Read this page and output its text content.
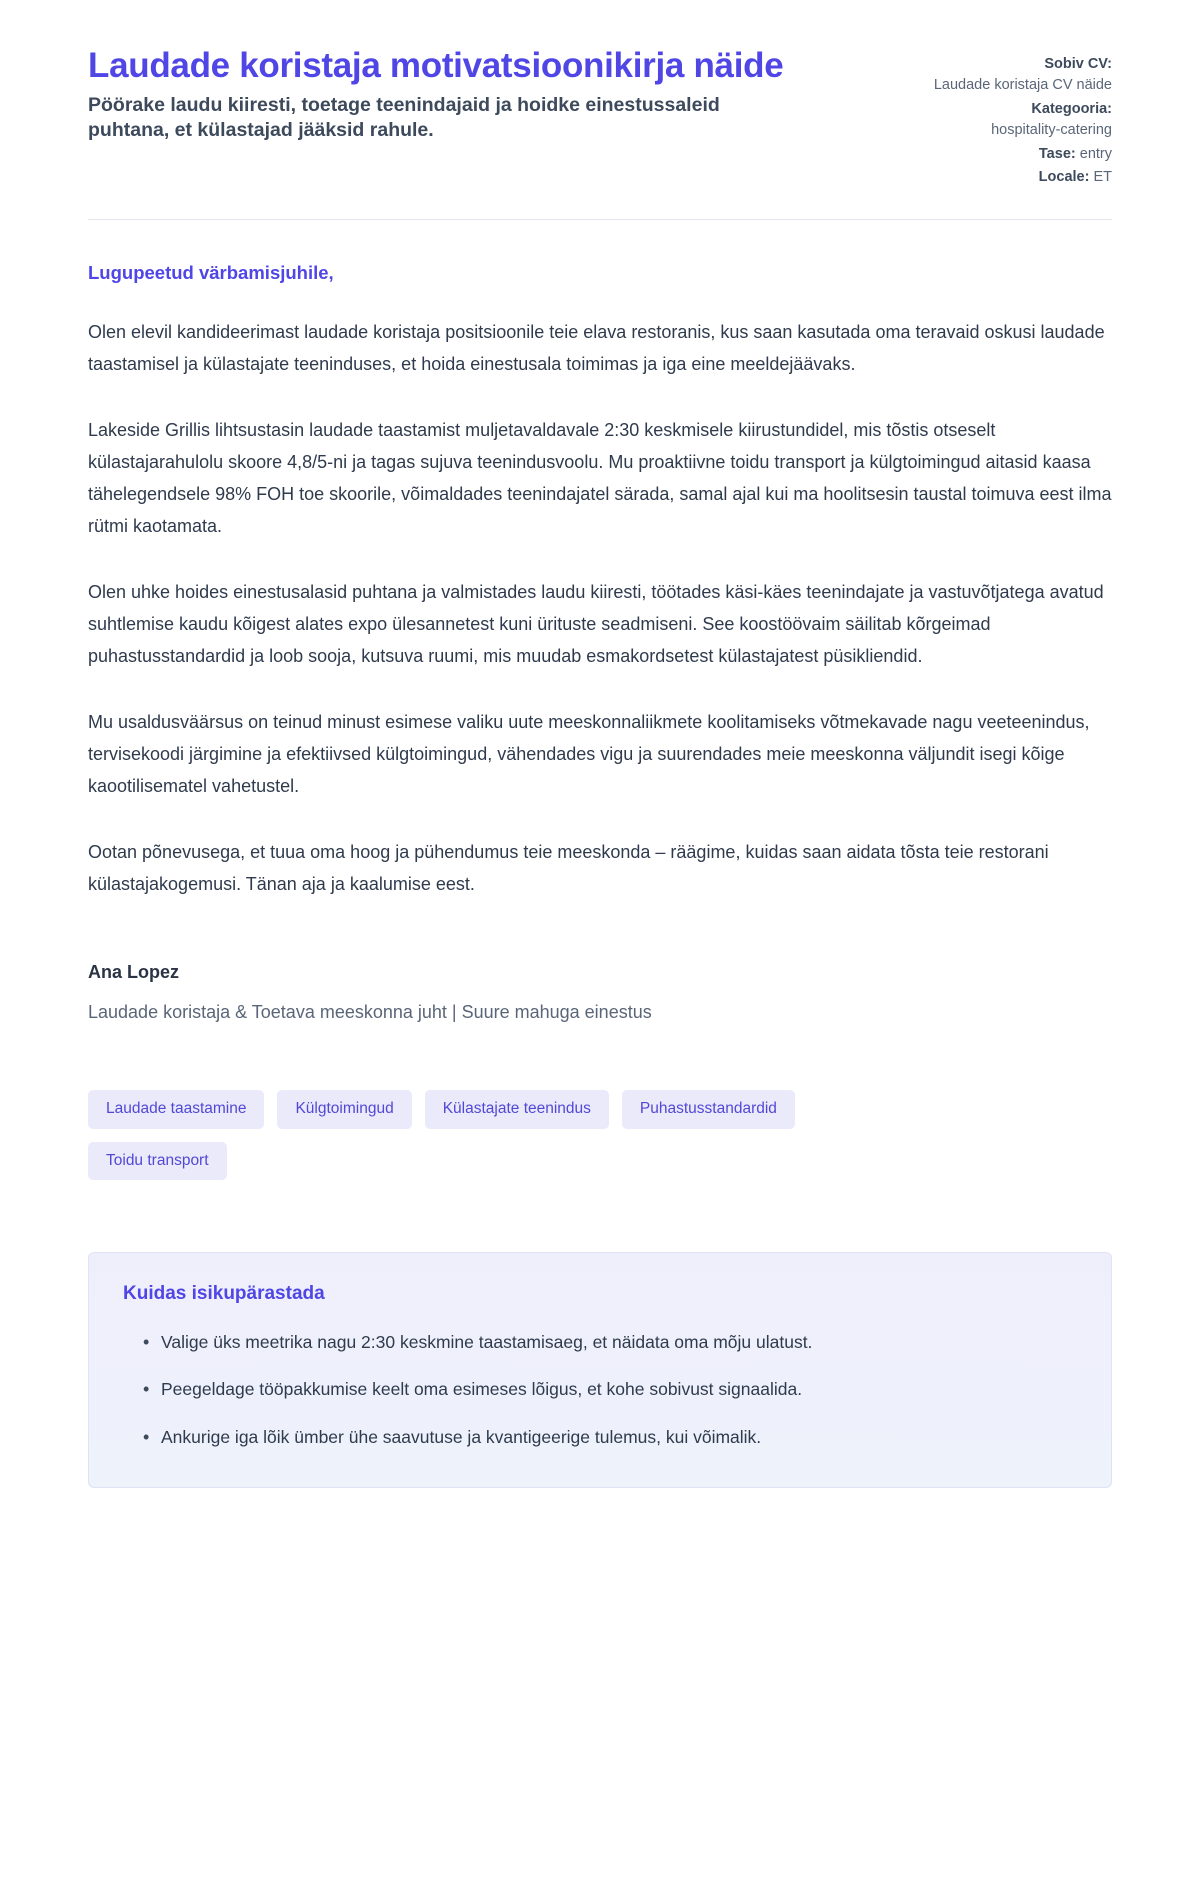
Laudade koristaja motivatsioonikirja näide

Pöörake laudu kiiresti, toetage teenindajaid ja hoidke einestussaleid puhtana, et külastajad jääksid rahule.

Sobiv CV:
Laudade koristaja CV näide
Kategooria:
hospitality-catering
Tase: entry
Locale: ET

Lugupeetud värbamisjuhile,

Olen elevil kandideerimast laudade koristaja positsioonile teie elava restoranis, kus saan kasutada oma teravaid oskusi laudade taastamisel ja külastajate teeninduses, et hoida einestusala toimimas ja iga eine meeldejäävaks.

Lakeside Grillis lihtsustasin laudade taastamist muljetavaldavale 2:30 keskmisele kiirustundidel, mis tõstis otseselt külastajarahulolu skoore 4,8/5-ni ja tagas sujuva teenindusvoolu. Mu proaktiivne toidu transport ja külgtoimingud aitasid kaasa tähelegendsele 98% FOH toe skoorile, võimaldades teenindajatel särada, samal ajal kui ma hoolitsesin taustal toimuva eest ilma rütmi kaotamata.

Olen uhke hoides einestusalasid puhtana ja valmistades laudu kiiresti, töötades käsi-käes teenindajate ja vastuvõtjatega avatud suhtlemise kaudu kõigest alates expo ülesannetest kuni ürituste seadmiseni. See koostöövaim säilitab kõrgeimad puhastusstandardid ja loob sooja, kutsuva ruumi, mis muudab esmakordsetest külastajatest püsikliendid.

Mu usaldusväärsus on teinud minust esimese valiku uute meeskonnaliikmete koolitamiseks võtmekavade nagu veeteenindus, tervisekoodi järgimine ja efektiivsed külgtoimingud, vähendades vigu ja suurendades meie meeskonna väljundit isegi kõige kaootilisematel vahetustel.

Ootan põnevusega, et tuua oma hoog ja pühendumus teie meeskonda – räägime, kuidas saan aidata tõsta teie restorani külastajakogemusi. Tänan aja ja kaalumise eest.

Ana Lopez

Laudade koristaja & Toetava meeskonna juht | Suure mahuga einestus

Laudade taastamine	Külgtoimingud	Külastajate teenindus	Puhastusstandardid
Toidu transport
Kuidas isikupärastada
• Valige üks meetrika nagu 2:30 keskmine taastamisaeg, et näidata oma mõju ulatust.
• Peegeldage tööpakkumise keelt oma esimeses lõigus, et kohe sobivust signaalida.
• Ankurige iga lõik ümber ühe saavutuse ja kvantigeerige tulemus, kui võimalik.
